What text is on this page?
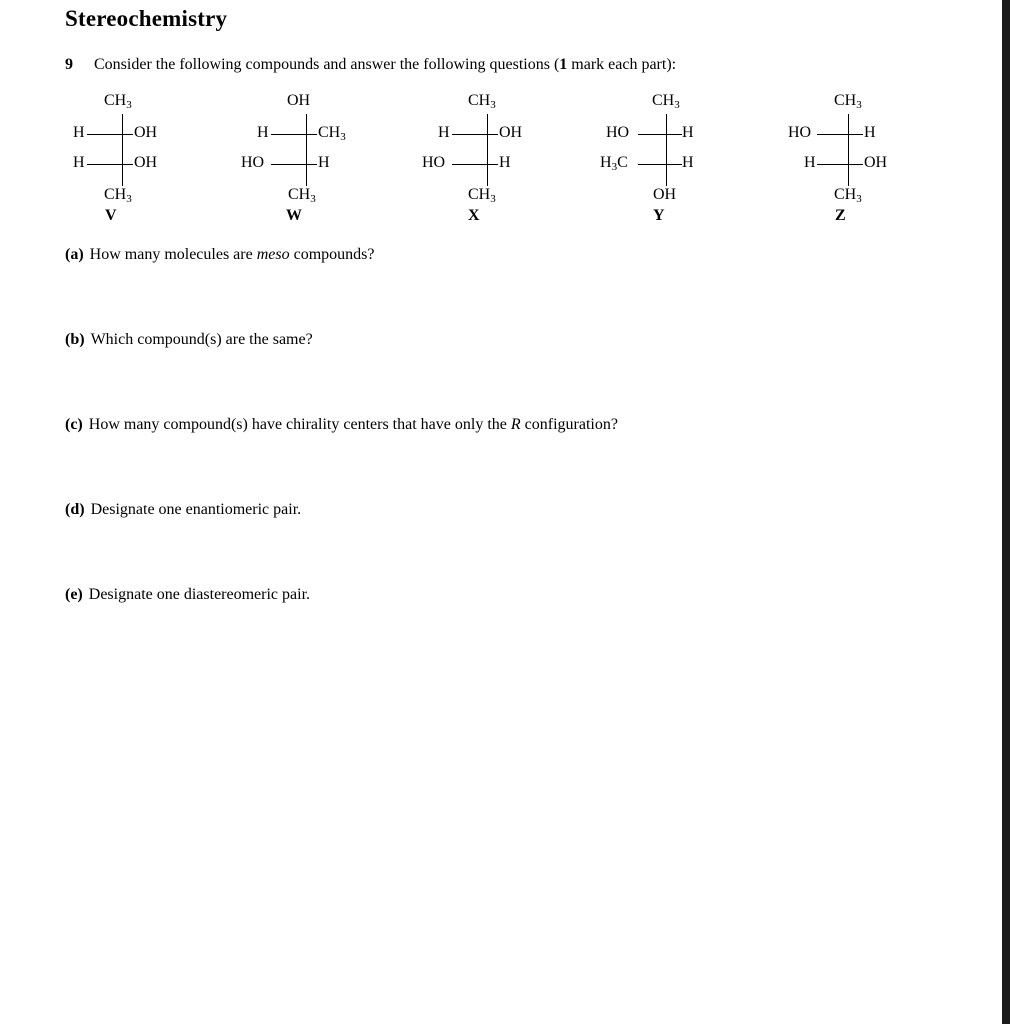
Stereochemistry
9 Consider the following compounds and answer the following questions (1 mark each part):
$CH_3$
H	OH
H	OH
$CH_3$
V
OH
H	$CH_3$
HO	H
$CH_3$
W
$CH_3$
H	OH
HO	H
$CH_3$
X
$CH_3$
HO	H
$H_3C$	H
OH
Y
$CH_3$
HO	H
H	OH
$CH_3$
Z
(a) How many molecules are meso compounds?
(b) Which compound(s) are the same?
(c) How many compound(s) have chirality centers that have only the R configuration?
(d) Designate one enantiomeric pair.
(e) Designate one diastereomeric pair.
